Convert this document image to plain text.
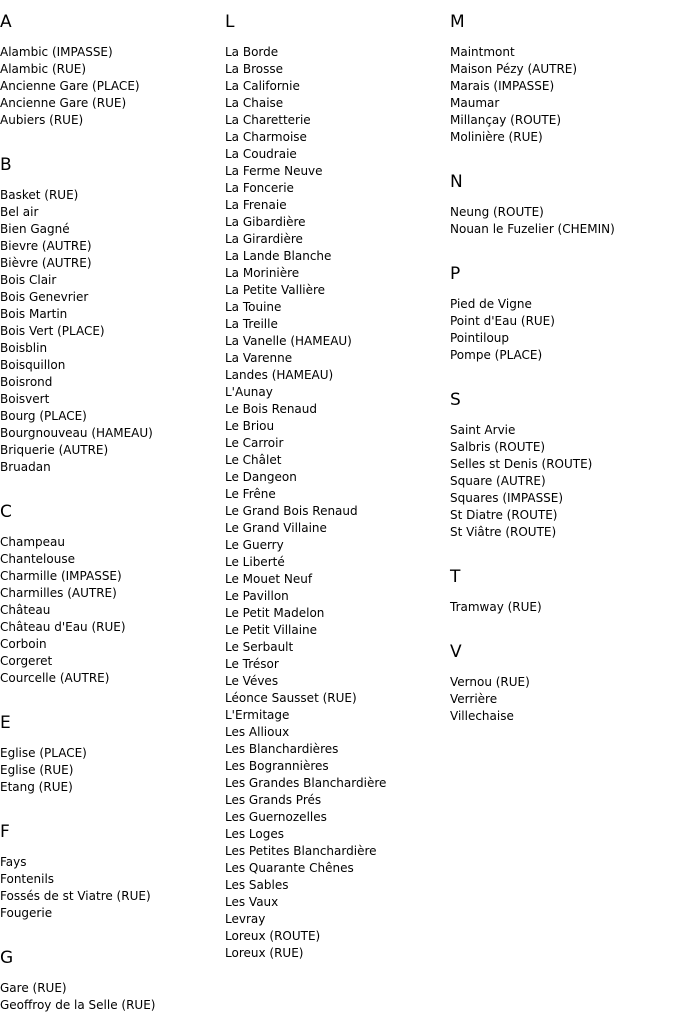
A
Alambic (IMPASSE)
Alambic (RUE)
Ancienne Gare (PLACE)
Ancienne Gare (RUE)
Aubiers (RUE)
B
Basket (RUE)
Bel air
Bien Gagné
Bievre (AUTRE)
Bièvre (AUTRE)
Bois Clair
Bois Genevrier
Bois Martin
Bois Vert (PLACE)
Boisblin
Boisquillon
Boisrond
Boisvert
Bourg (PLACE)
Bourgnouveau (HAMEAU)
Briquerie (AUTRE)
Bruadan
C
Champeau
Chantelouse
Charmille (IMPASSE)
Charmilles (AUTRE)
Château
Château d'Eau (RUE)
Corboin
Corgeret
Courcelle (AUTRE)
E
Eglise (PLACE)
Eglise (RUE)
Etang (RUE)
F
Fays
Fontenils
Fossés de st Viatre (RUE)
Fougerie
G
Gare (RUE)
Geoffroy de la Selle (RUE)
L
La Borde
La Brosse
La Californie
La Chaise
La Charetterie
La Charmoise
La Coudraie
La Ferme Neuve
La Foncerie
La Frenaie
La Gibardière
La Girardière
La Lande Blanche
La Morinière
La Petite Vallière
La Touine
La Treille
La Vanelle (HAMEAU)
La Varenne
Landes (HAMEAU)
L'Aunay
Le Bois Renaud
Le Briou
Le Carroir
Le Châlet
Le Dangeon
Le Frêne
Le Grand Bois Renaud
Le Grand Villaine
Le Guerry
Le Liberté
Le Mouet Neuf
Le Pavillon
Le Petit Madelon
Le Petit Villaine
Le Serbault
Le Trésor
Le Véves
Léonce Sausset (RUE)
L'Ermitage
Les Allioux
Les Blanchardières
Les Bogrannières
Les Grandes Blanchardière
Les Grands Prés
Les Guernozelles
Les Loges
Les Petites Blanchardière
Les Quarante Chênes
Les Sables
Les Vaux
Levray
Loreux (ROUTE)
Loreux (RUE)
M
Maintmont
Maison Pézy (AUTRE)
Marais (IMPASSE)
Maumar
Millançay (ROUTE)
Molinière (RUE)
N
Neung (ROUTE)
Nouan le Fuzelier (CHEMIN)
P
Pied de Vigne
Point d'Eau (RUE)
Pointiloup
Pompe (PLACE)
S
Saint Arvie
Salbris (ROUTE)
Selles st Denis (ROUTE)
Square (AUTRE)
Squares (IMPASSE)
St Diatre (ROUTE)
St Viâtre (ROUTE)
T
Tramway (RUE)
V
Vernou (RUE)
Verrière
Villechaise
